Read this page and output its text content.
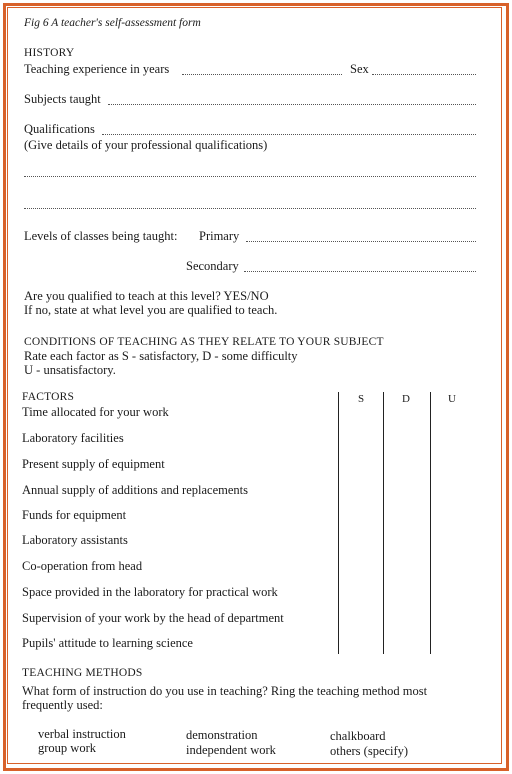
Fig 6 A teacher's self-assessment form
HISTORY
Teaching experience in years	Sex
Subjects taught
Qualifications
(Give details of your professional qualifications)
Levels of classes being taught: Primary
Secondary
Are you qualified to teach at this level? YES/NO
If no, state at what level you are qualified to teach.
CONDITIONS OF TEACHING AS THEY RELATE TO YOUR SUBJECT
Rate each factor as S - satisfactory, D - some difficulty
U - unsatisfactory.
FACTORS	S	D	U
Time allocated for your work
Laboratory facilities
Present supply of equipment
Annual supply of additions and replacements
Funds for equipment
Laboratory assistants
Co-operation from head
Space provided in the laboratory for practical work
Supervision of your work by the head of department
Pupils' attitude to learning science
TEACHING METHODS
What form of instruction do you use in teaching? Ring the teaching method most
frequently used:
verbal instruction	demonstration	chalkboard
group work	independent work	others (specify)
